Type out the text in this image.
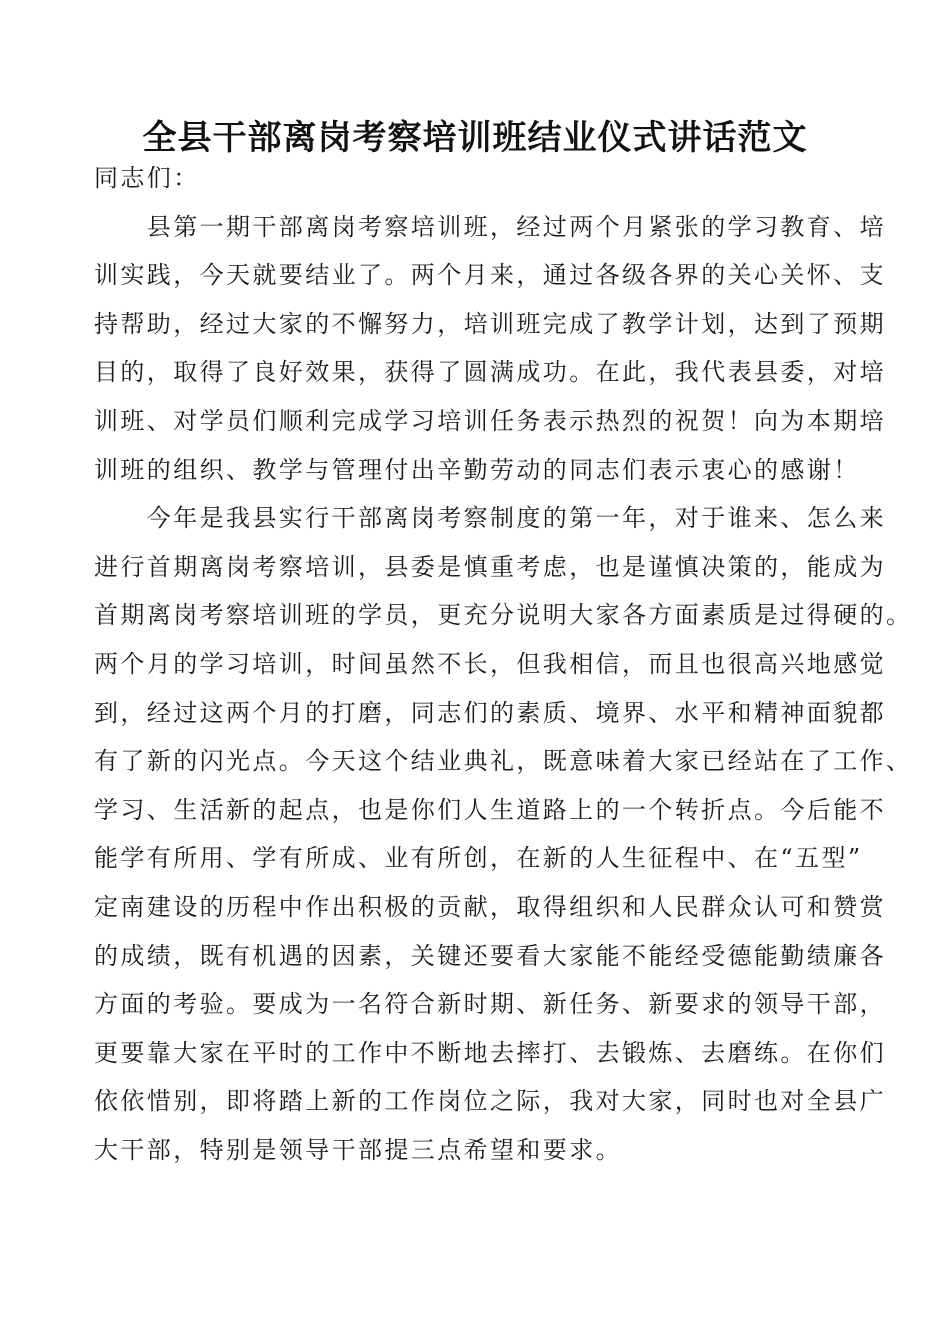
全县干部离岗考察培训班结业仪式讲话范文

同志们：

　　县第一期干部离岗考察培训班，经过两个月紧张的学习教育、培

训实践，今天就要结业了。两个月来，通过各级各界的关心关怀、支

持帮助，经过大家的不懈努力，培训班完成了教学计划，达到了预期

目的，取得了良好效果，获得了圆满成功。在此，我代表县委，对培

训班、对学员们顺利完成学习培训任务表示热烈的祝贺！向为本期培

训班的组织、教学与管理付出辛勤劳动的同志们表示衷心的感谢！

　　今年是我县实行干部离岗考察制度的第一年，对于谁来、怎么来

进行首期离岗考察培训，县委是慎重考虑，也是谨慎决策的，能成为

首期离岗考察培训班的学员，更充分说明大家各方面素质是过得硬的。

两个月的学习培训，时间虽然不长，但我相信，而且也很高兴地感觉

到，经过这两个月的打磨，同志们的素质、境界、水平和精神面貌都

有了新的闪光点。今天这个结业典礼，既意味着大家已经站在了工作、

学习、生活新的起点，也是你们人生道路上的一个转折点。今后能不

能学有所用、学有所成、业有所创，在新的人生征程中、在“五型”

定南建设的历程中作出积极的贡献，取得组织和人民群众认可和赞赏

的成绩，既有机遇的因素，关键还要看大家能不能经受德能勤绩廉各

方面的考验。要成为一名符合新时期、新任务、新要求的领导干部，

更要靠大家在平时的工作中不断地去摔打、去锻炼、去磨练。在你们

依依惜别，即将踏上新的工作岗位之际，我对大家，同时也对全县广

大干部，特别是领导干部提三点希望和要求。
